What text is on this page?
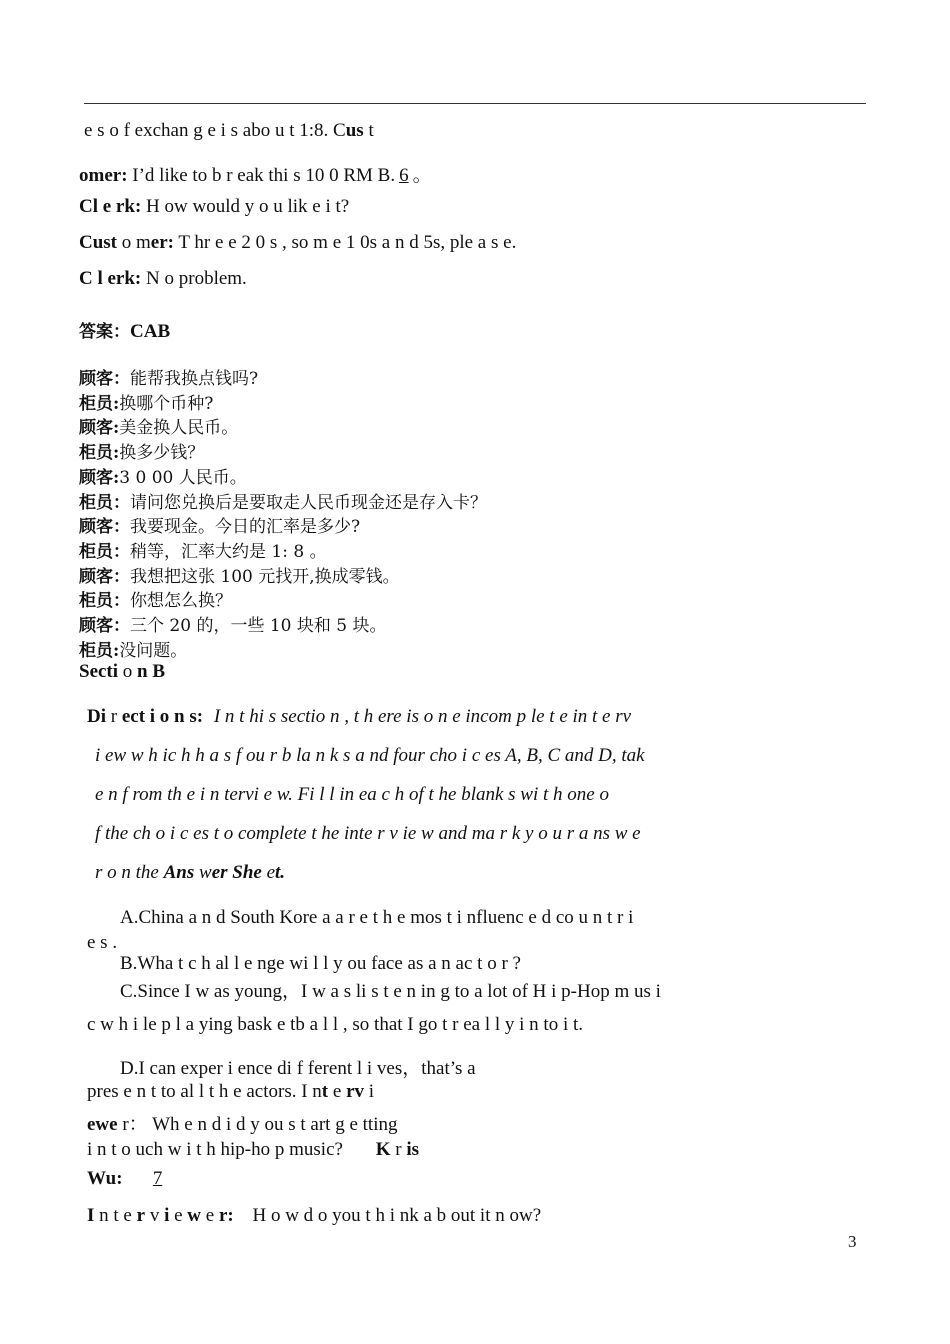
e s o f exchan g e i s abo u t 1:8. Cus t
omer: I’d like to b r eak thi s 10 0 RM B. 6 。
Cl e rk: H ow would y o u lik e i t?
Cust o mer: T hr e e 2 0 s , so m e 1 0s a n d 5s, ple a s e.
C l erk: N o problem.
答案：CAB
顾客：能帮我换点钱吗?
柜员:换哪个币种?
顾客:美金换人民币。
柜员:换多少钱？
顾客:3 0 00 人民币。
柜员：请问您兑换后是要取走人民币现金还是存入卡？
顾客：我要现金。今日的汇率是多少?
柜员：稍等，汇率大约是 1: 8 。
顾客：我想把这张 100 元找开,换成零钱。
柜员：你想怎么换？
顾客：三个 20 的，一些 10 块和 5 块。
柜员:没问题。
Secti o n B
Di r ect i o n s: I n t hi s sectio n , t h ere is o n e incom p le t e in t e rv
i ew w h ic h h a s f ou r b la n k s a nd four cho i c es A, B, C and D, tak
e n f rom th e i n tervi e w. Fi l l in ea c h of t he blank s wi t h one o
f the ch o i c es t o complete t he inte r v ie w and ma r k y o u r a ns w e
r o n the Ans wer She et.
A.China a n d South Kore a a r e t h e mos t i nfluenc e d co u n t r i
e s .
B.Wha t c h al l e nge wi l l y ou face as a n ac t o r ?
C.Since I w as young，I w a s li s t e n in g to a lot of H i p-Hop m us i
c w h i le p l a ying bask e tb a l l , so that I go t r ea l l y i n to i t.
D.I can exper i ence di f ferent l i ves，that’s a
pres e n t to al l t h e actors. I nt e rv i
ewe r： Wh e n d i d y ou s t art g e tting
i n t o uch w i t h hip-ho p music? K r is
Wu: 7
I n t e r v i e w e r: H o w d o you t h i nk a b out it n ow?
3
